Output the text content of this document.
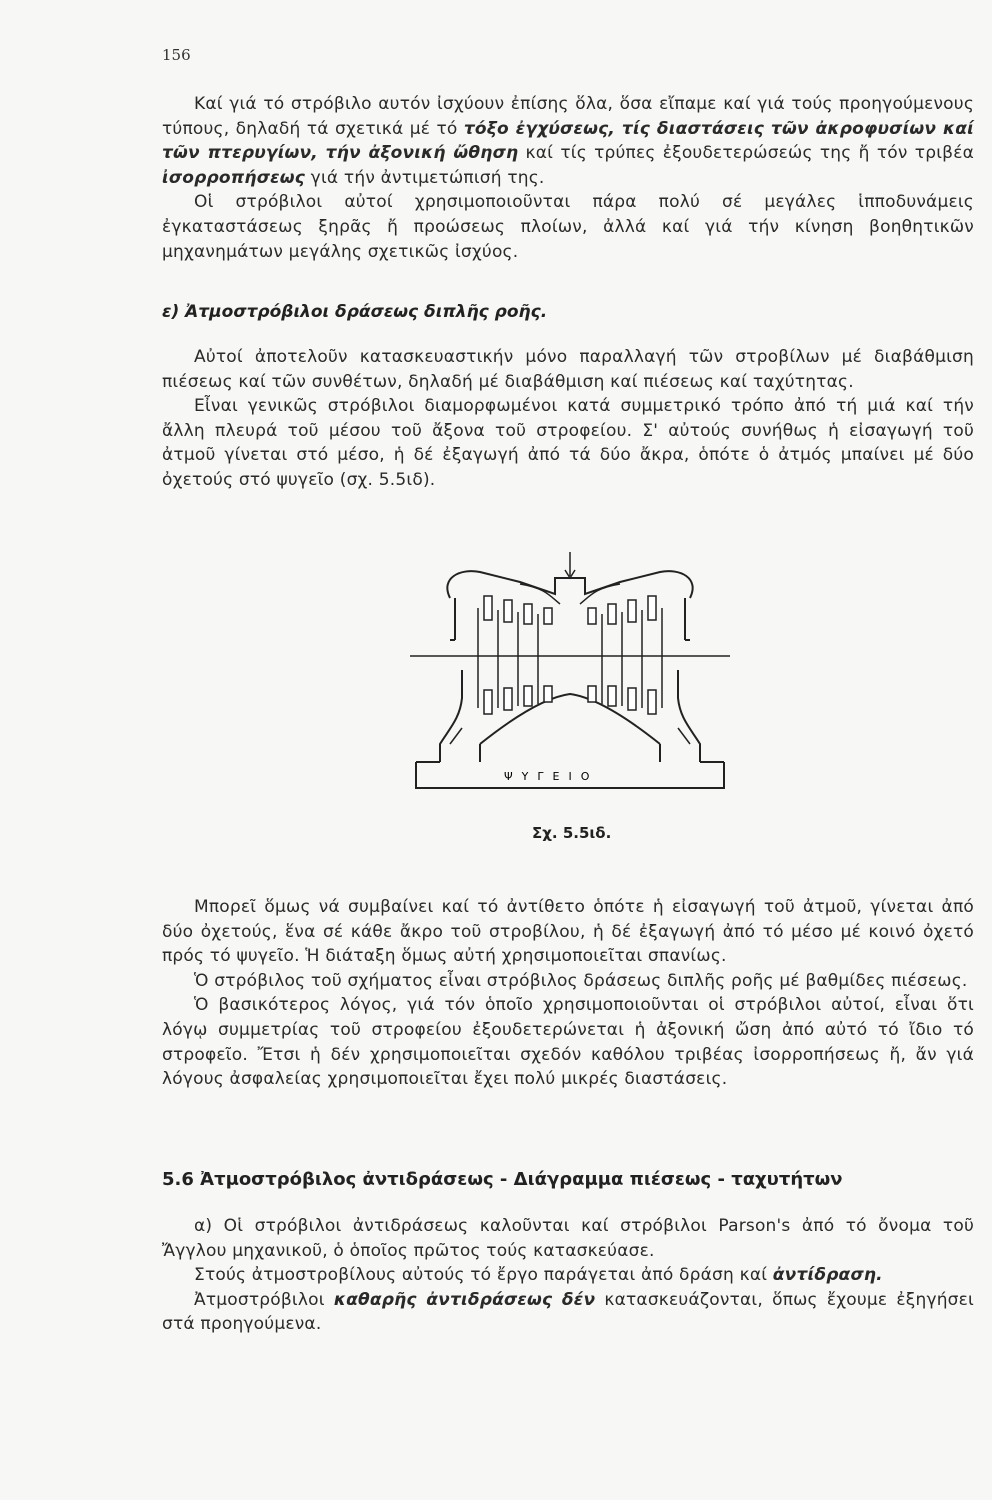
156

Καί γιά τό στρόβιλο αυτόν ἰσχύουν ἐπίσης ὅλα, ὅσα εἴπαμε καί γιά τούς προηγούμενους τύπους, δηλαδή τά σχετικά μέ τό τόξο ἐγχύσεως, τίς διαστάσεις τῶν ἀκροφυσίων καί τῶν πτερυγίων, τήν ἀξονική ὤθηση καί τίς τρύπες ἐξουδετερώσεώς της ἤ τόν τριβέα ἰσορροπήσεως γιά τήν ἀντιμετώπισή της.

Οἱ στρόβιλοι αὐτοί χρησιμοποιοῦνται πάρα πολύ σέ μεγάλες ἱπποδυνάμεις ἐγκαταστάσεως ξηρᾶς ἤ προώσεως πλοίων, ἀλλά καί γιά τήν κίνηση βοηθητικῶν μηχανημάτων μεγάλης σχετικῶς ἰσχύος.

ε) Ἀτμοστρόβιλοι δράσεως διπλῆς ροῆς.

Αὐτοί ἀποτελοῦν κατασκευαστικήν μόνο παραλλαγή τῶν στροβίλων μέ διαβάθμιση πιέσεως καί τῶν συνθέτων, δηλαδή μέ διαβάθμιση καί πιέσεως καί ταχύτητας.

Εἶναι γενικῶς στρόβιλοι διαμορφωμένοι κατά συμμετρικό τρόπο ἀπό τή μιά καί τήν ἄλλη πλευρά τοῦ μέσου τοῦ ἄξονα τοῦ στροφείου. Σ' αὐτούς συνήθως ἡ εἰσαγωγή τοῦ ἀτμοῦ γίνεται στό μέσο, ἡ δέ ἐξαγωγή ἀπό τά δύο ἄκρα, ὁπότε ὁ ἀτμός μπαίνει μέ δύο ὀχετούς στό ψυγεῖο (σχ. 5.5ιδ).

ΨΥΓΕΙΟ
Σχ. 5.5ιδ.

Μπορεῖ ὅμως νά συμβαίνει καί τό ἀντίθετο ὁπότε ἡ εἰσαγωγή τοῦ ἀτμοῦ, γίνεται ἀπό δύο ὀχετούς, ἕνα σέ κάθε ἄκρο τοῦ στροβίλου, ἡ δέ ἐξαγωγή ἀπό τό μέσο μέ κοινό ὀχετό πρός τό ψυγεῖο. Ἡ διάταξη ὅμως αὐτή χρησιμοποιεῖται σπανίως.

Ὁ στρόβιλος τοῦ σχήματος εἶναι στρόβιλος δράσεως διπλῆς ροῆς μέ βαθμίδες πιέσεως.

Ὁ βασικότερος λόγος, γιά τόν ὁποῖο χρησιμοποιοῦνται οἱ στρόβιλοι αὐτοί, εἶναι ὅτι λόγῳ συμμετρίας τοῦ στροφείου ἐξουδετερώνεται ἡ ἀξονική ὤση ἀπό αὐτό τό ἴδιο τό στροφεῖο. Ἔτσι ἡ δέν χρησιμοποιεῖται σχεδόν καθόλου τριβέας ἰσορροπήσεως ἤ, ἄν γιά λόγους ἀσφαλείας χρησιμοποιεῖται ἔχει πολύ μικρές διαστάσεις.

5.6 Ἀτμοστρόβιλος ἀντιδράσεως - Διάγραμμα πιέσεως - ταχυτήτων

α) Οἱ στρόβιλοι ἀντιδράσεως καλοῦνται καί στρόβιλοι Parson's ἀπό τό ὄνομα τοῦ Ἄγγλου μηχανικοῦ, ὁ ὁποῖος πρῶτος τούς κατασκεύασε.

Στούς ἀτμοστροβίλους αὐτούς τό ἔργο παράγεται ἀπό δράση καί ἀντίδραση.

Ἀτμοστρόβιλοι καθαρῆς ἀντιδράσεως δέν κατασκευάζονται, ὅπως ἔχουμε ἐξηγήσει στά προηγούμενα.
